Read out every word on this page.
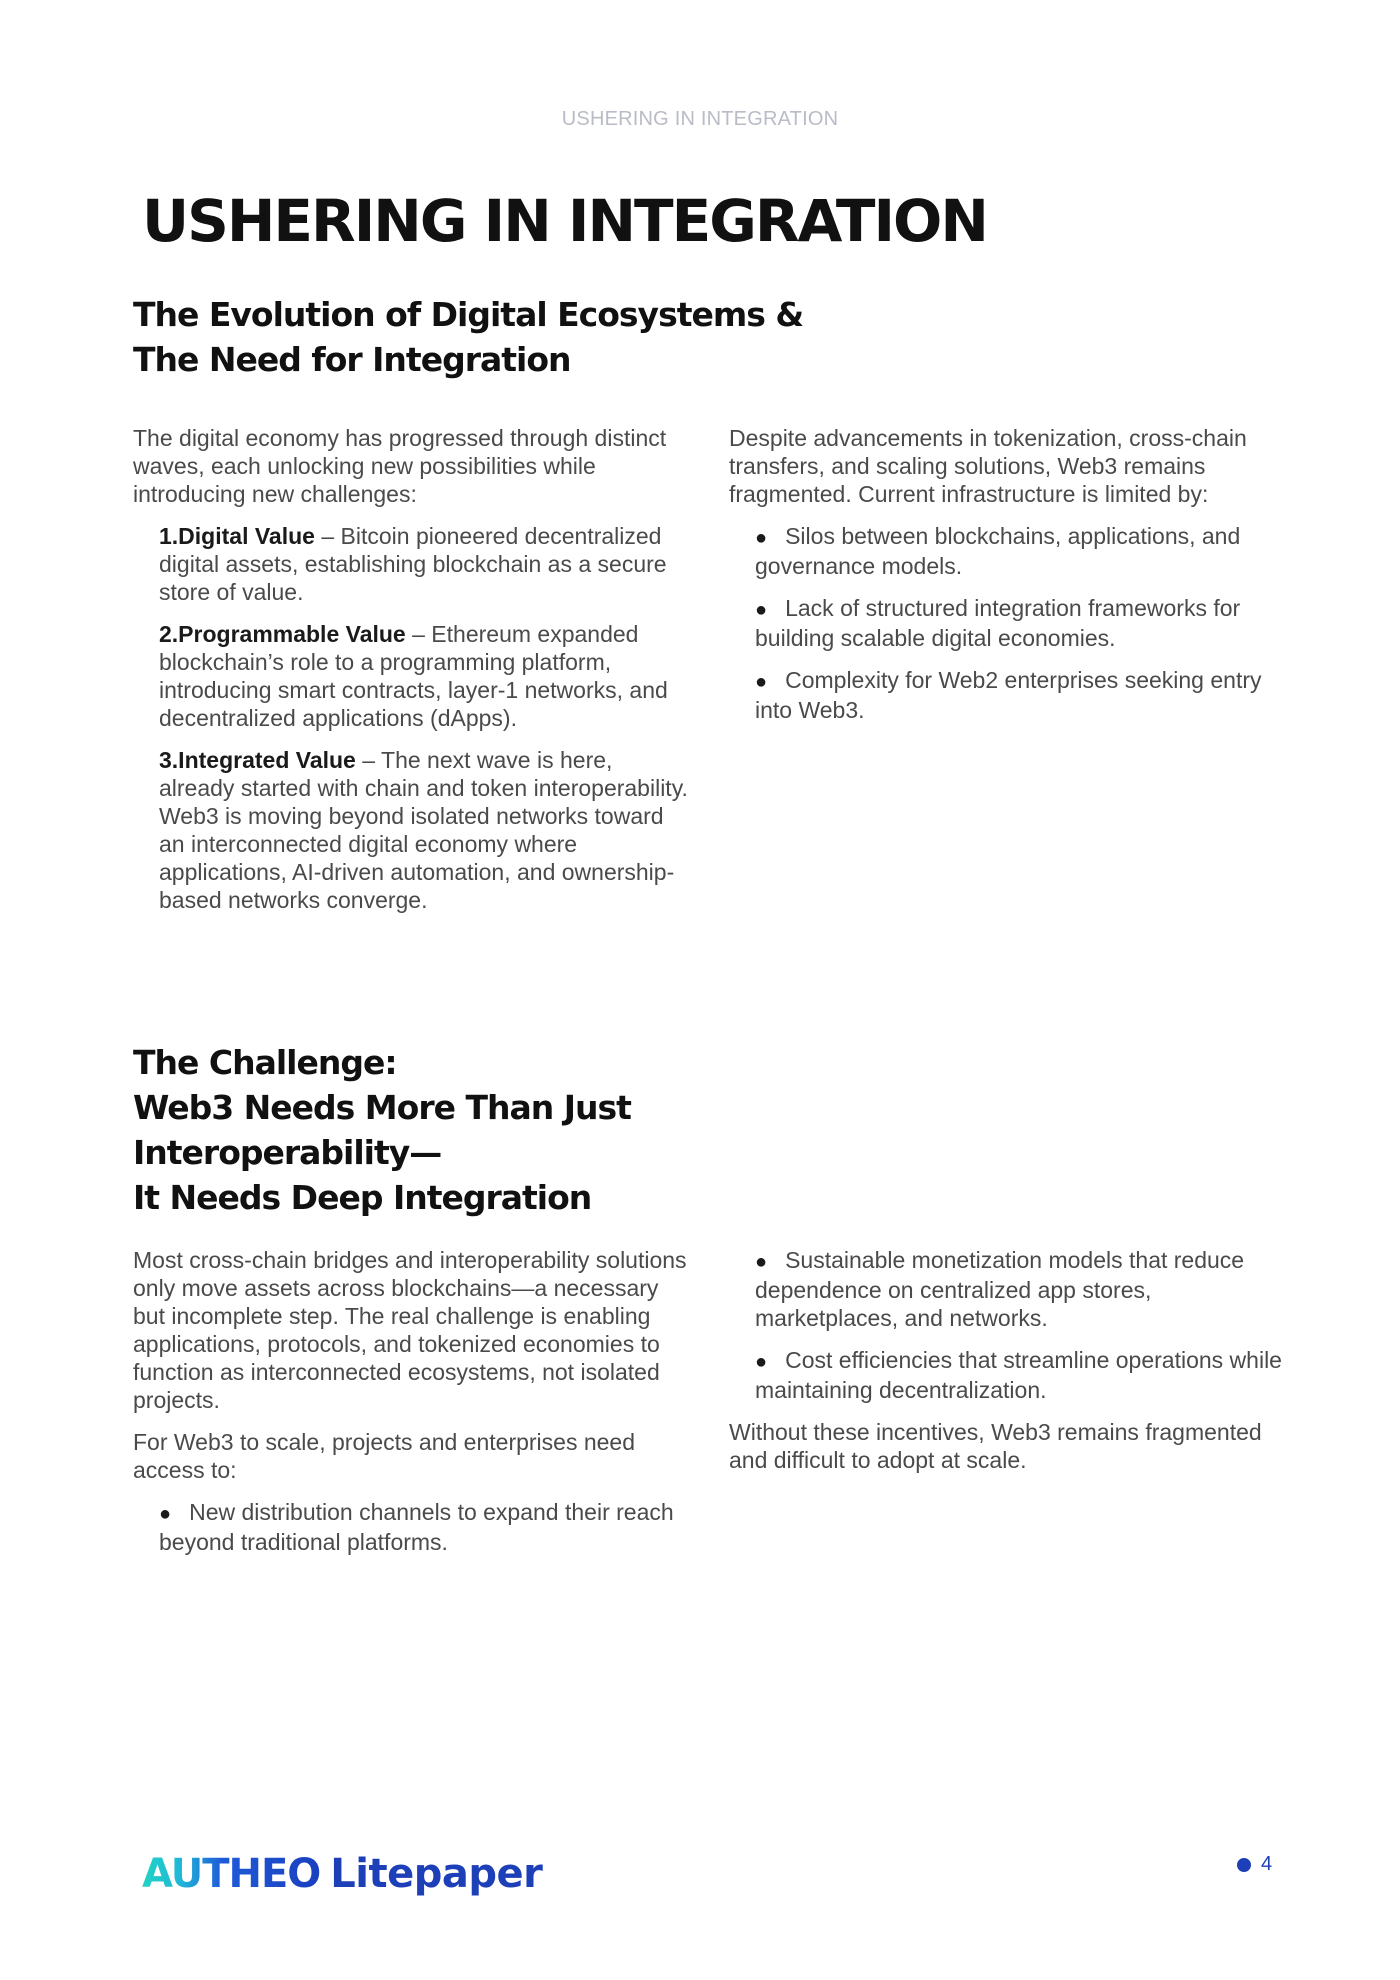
USHERING IN INTEGRATION
USHERING IN INTEGRATION
The Evolution of Digital Ecosystems &
The Need for Integration

The digital economy has progressed through distinct waves, each unlocking new possibilities while introducing new challenges:

1.Digital Value – Bitcoin pioneered decentralized digital assets, establishing blockchain as a secure store of value.
2.Programmable Value – Ethereum expanded blockchain’s role to a programming platform, introducing smart contracts, layer-1 networks, and decentralized applications (dApps).
3.Integrated Value – The next wave is here, already started with chain and token interoperability. Web3 is moving beyond isolated networks toward an interconnected digital economy where applications, AI-driven automation, and ownership-based networks converge.

Despite advancements in tokenization, cross-chain transfers, and scaling solutions, Web3 remains fragmented. Current infrastructure is limited by:

● Silos between blockchains, applications, and governance models.
● Lack of structured integration frameworks for building scalable digital economies.
● Complexity for Web2 enterprises seeking entry into Web3.
The Challenge:
Web3 Needs More Than Just
Interoperability—
It Needs Deep Integration

Most cross-chain bridges and interoperability solutions only move assets across blockchains—a necessary but incomplete step. The real challenge is enabling applications, protocols, and tokenized economies to function as interconnected ecosystems, not isolated projects.

For Web3 to scale, projects and enterprises need access to:

● New distribution channels to expand their reach beyond traditional platforms.
● Sustainable monetization models that reduce dependence on centralized app stores, marketplaces, and networks.
● Cost efficiencies that streamline operations while maintaining decentralization.

Without these incentives, Web3 remains fragmented and difficult to adopt at scale.

AUTHEO Litepaper	4
